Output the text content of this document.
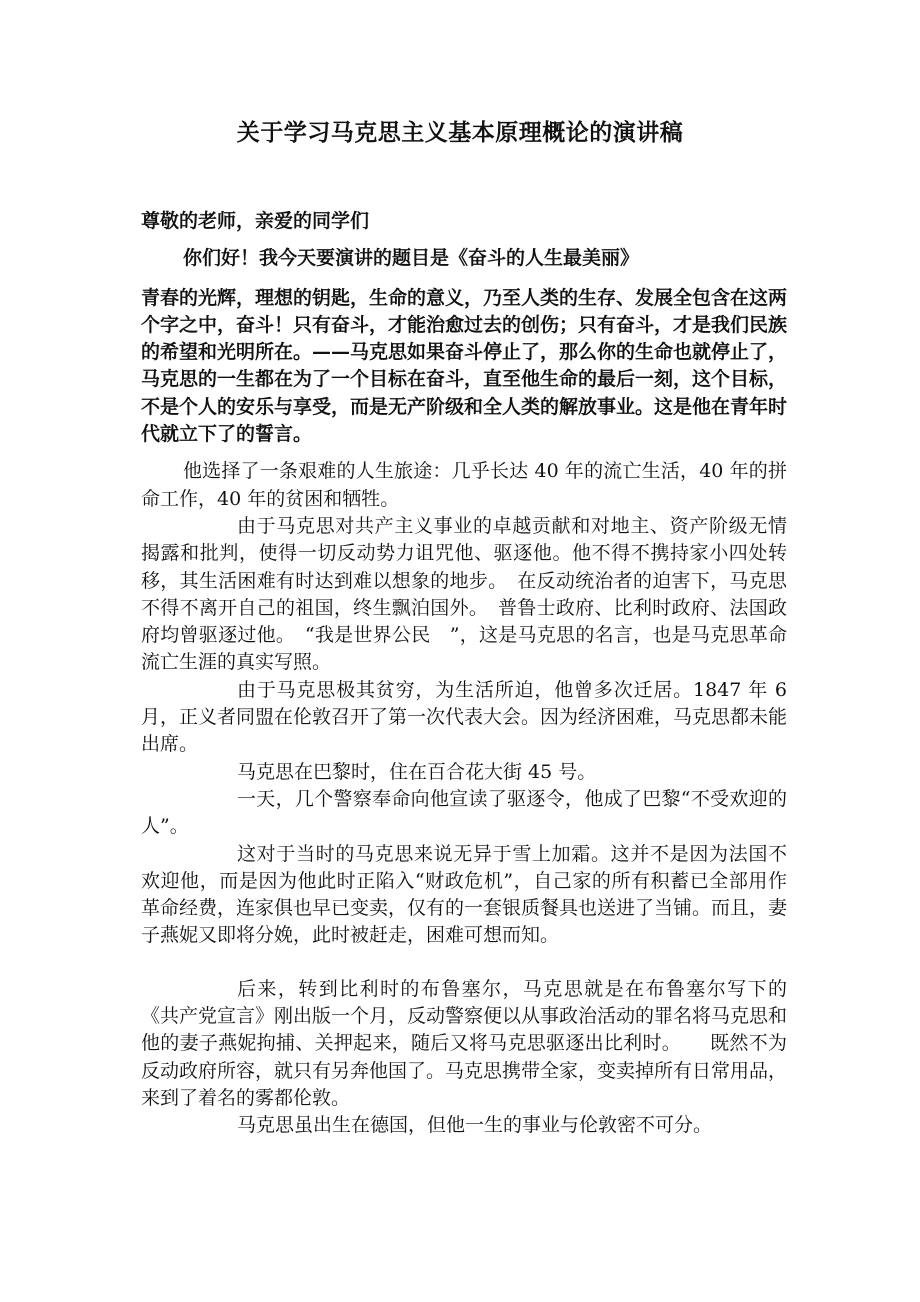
关于学习马克思主义基本原理概论的演讲稿

尊敬的老师，亲爱的同学们

你们好！我今天要演讲的题目是《奋斗的人生最美丽》

青春的光辉，理想的钥匙，生命的意义，乃至人类的生存、发展全包含在这两个字之中，奋斗！只有奋斗，才能治愈过去的创伤；只有奋斗，才是我们民族的希望和光明所在。——马克思如果奋斗停止了，那么你的生命也就停止了，马克思的一生都在为了一个目标在奋斗，直至他生命的最后一刻，这个目标，不是个人的安乐与享受，而是无产阶级和全人类的解放事业。这是他在青年时代就立下了的誓言。

他选择了一条艰难的人生旅途：几乎长达 40 年的流亡生活，40 年的拼命工作，40 年的贫困和牺牲。

由于马克思对共产主义事业的卓越贡献和对地主、资产阶级无情揭露和批判，使得一切反动势力诅咒他、驱逐他。他不得不携持家小四处转移，其生活困难有时达到难以想象的地步。　在反动统治者的迫害下，马克思不得不离开自己的祖国，终生飘泊国外。　普鲁士政府、比利时政府、法国政府均曾驱逐过他。　“我是世界公民　”，这是马克思的名言，也是马克思革命流亡生涯的真实写照。

由于马克思极其贫穷，为生活所迫，他曾多次迁居。1847 年 6 月，正义者同盟在伦敦召开了第一次代表大会。因为经济困难，马克思都未能出席。

马克思在巴黎时，住在百合花大街 45 号。

一天，几个警察奉命向他宣读了驱逐令，他成了巴黎“不受欢迎的人”。

这对于当时的马克思来说无异于雪上加霜。这并不是因为法国不欢迎他，而是因为他此时正陷入“财政危机”，自己家的所有积蓄已全部用作革命经费，连家俱也早已变卖，仅有的一套银质餐具也送进了当铺。而且，妻子燕妮又即将分娩，此时被赶走，困难可想而知。

后来，转到比利时的布鲁塞尔，马克思就是在布鲁塞尔写下的《共产党宣言》刚出版一个月，反动警察便以从事政治活动的罪名将马克思和他的妻子燕妮拘捕、关押起来，随后又将马克思驱逐出比利时。　　既然不为反动政府所容，就只有另奔他国了。马克思携带全家，变卖掉所有日常用品，来到了着名的雾都伦敦。

马克思虽出生在德国，但他一生的事业与伦敦密不可分。
